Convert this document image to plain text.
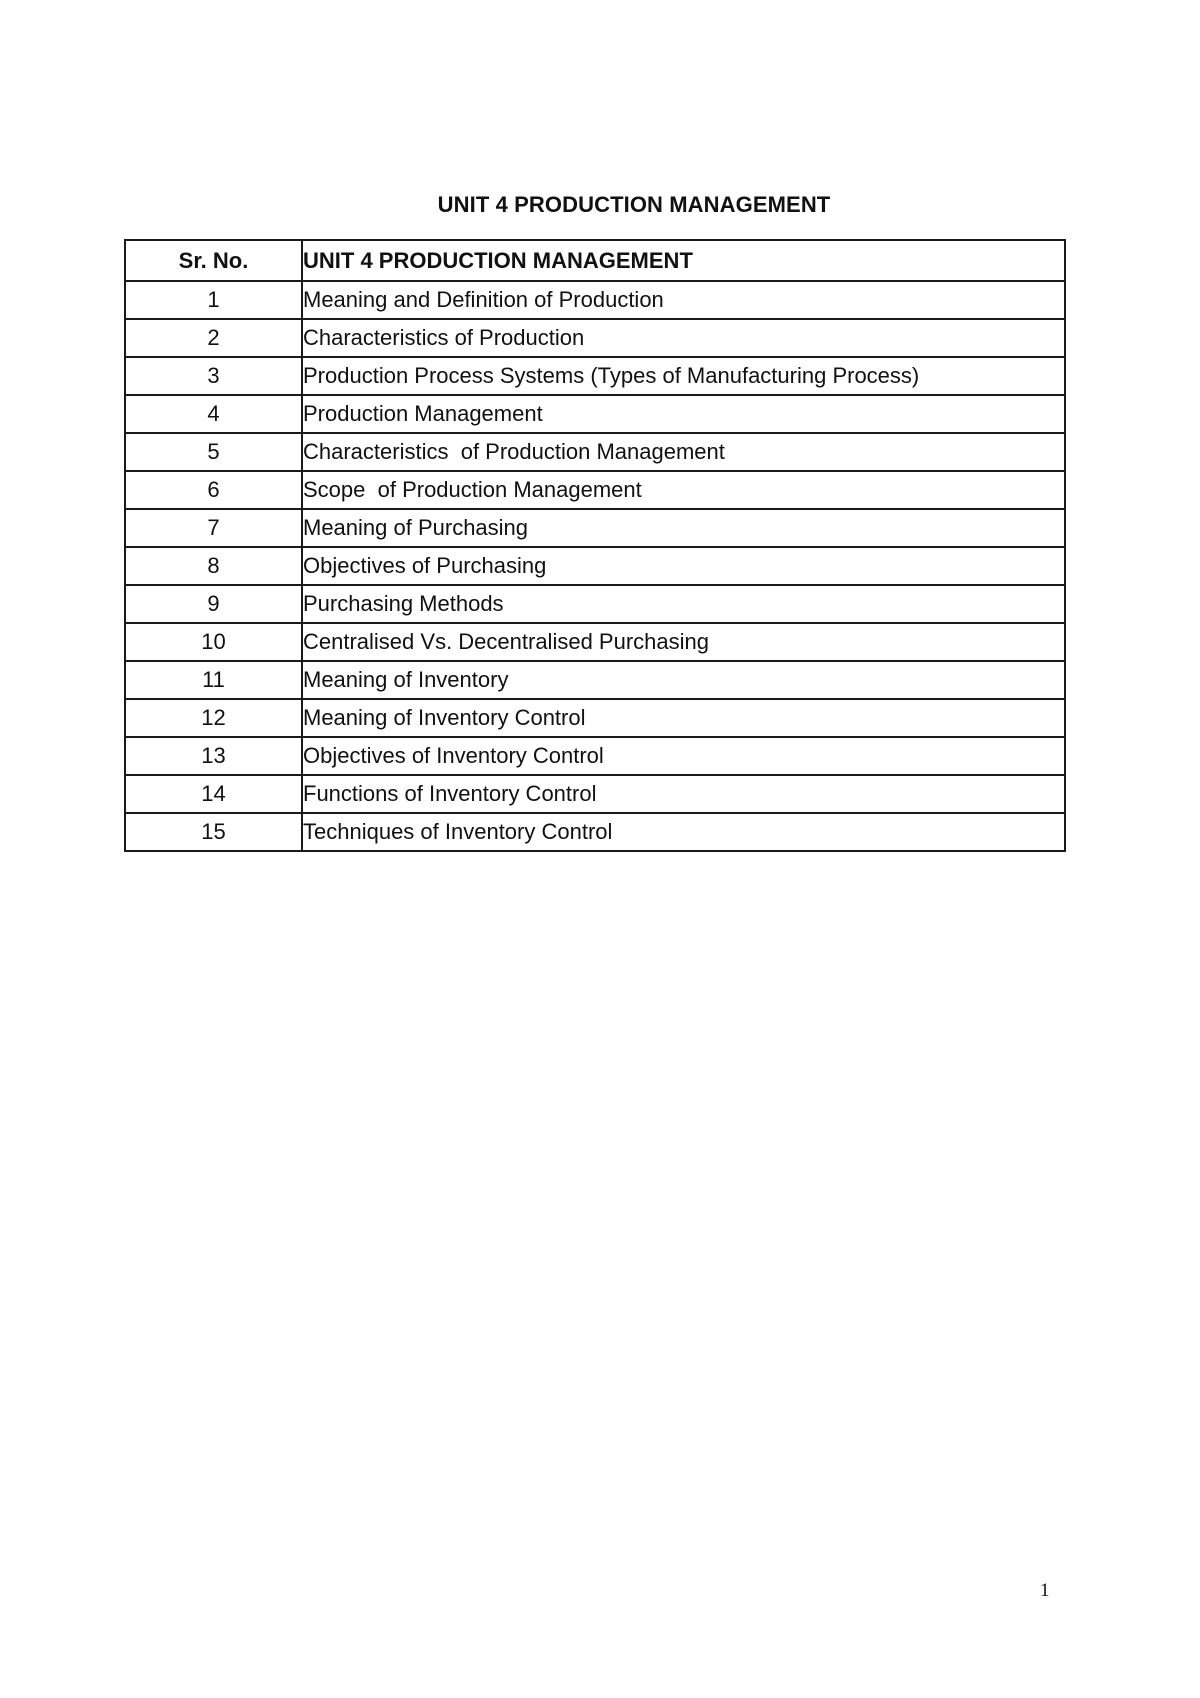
UNIT 4 PRODUCTION MANAGEMENT
Sr. No.	UNIT 4 PRODUCTION MANAGEMENT
1	Meaning and Definition of Production
2	Characteristics of Production
3	Production Process Systems (Types of Manufacturing Process)
4	Production Management
5	Characteristics  of Production Management
6	Scope  of Production Management
7	Meaning of Purchasing
8	Objectives of Purchasing
9	Purchasing Methods
10	Centralised Vs. Decentralised Purchasing
11	Meaning of Inventory
12	Meaning of Inventory Control
13	Objectives of Inventory Control
14	Functions of Inventory Control
15	Techniques of Inventory Control
1
